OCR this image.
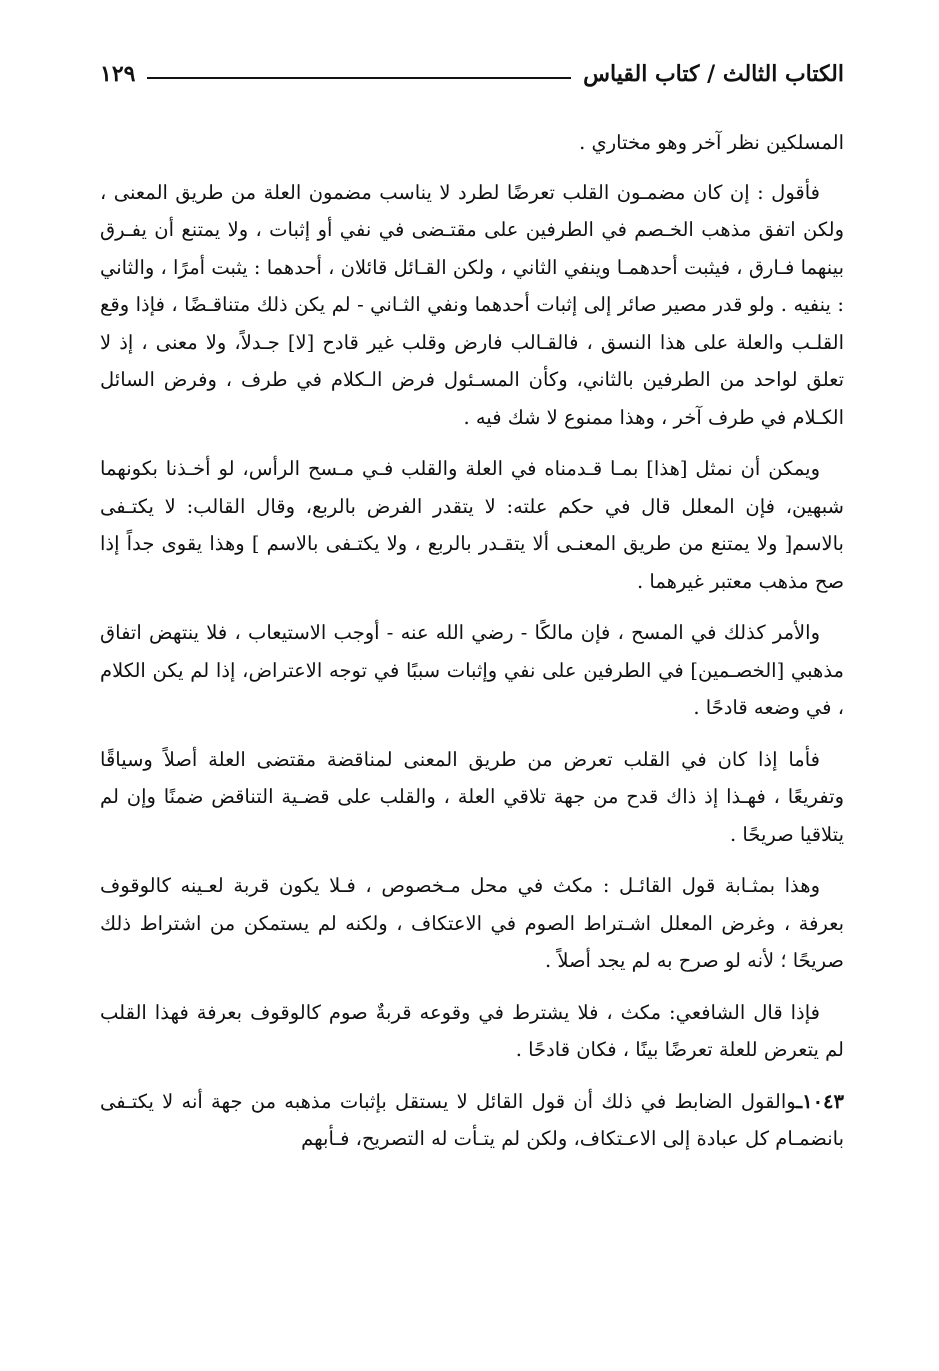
الكتاب الثالث / كتاب القياس
١٢٩

المسلكين نظر آخر وهو مختاري .

فأقول : إن كان مضمـون القلب تعرضًا لطرد لا يناسب مضمون العلة من طريق المعنى ، ولكن اتفق مذهب الخـصم في الطرفين على مقتـضى في نفي أو إثبات ، ولا يمتنع أن يفـرق بينهما فـارق ، فيثبت أحدهمـا وينفي الثاني ، ولكن القـائل قائلان ، أحدهما : يثبت أمرًا ، والثاني : ينفيه . ولو قدر مصير صائر إلى إثبات أحدهما ونفي الثـاني - لم يكن ذلك متناقـضًا ، فإذا وقع القلـب والعلة على هذا النسق ، فالقـالب فارض وقلب غير قادح [لا] جـدلاً، ولا معنى ، إذ لا تعلق لواحد من الطرفين بالثاني، وكأن المسـئول فرض الـكلام في طرف ، وفرض السائل الكـلام في طرف آخر ، وهذا ممنوع لا شك فيه .

ويمكن أن نمثل [هذا] بمـا قـدمناه في العلة والقلب فـي مـسح الرأس، لو أخـذنا بكونهما شبهين، فإن المعلل قال في حكم علته: لا يتقدر الفرض بالربع، وقال القالب: لا يكتـفى بالاسم[ ولا يمتنع من طريق المعنـى ألا يتقـدر بالربع ، ولا يكتـفى بالاسم ] وهذا يقوى جداً إذا صح مذهب معتبر غيرهما .

والأمر كذلك في المسح ، فإن مالكًا - رضي الله عنه - أوجب الاستيعاب ، فلا ينتهض اتفاق مذهبي [الخصـمين] في الطرفين على نفي وإثبات سببًا في توجه الاعتراض، إذا لم يكن الكلام ، في وضعه قادحًا .

فأما إذا كان في القلب تعرض من طريق المعنى لمناقضة مقتضى العلة أصلاً وسياقًا وتفريعًا ، فهـذا إذ ذاك قدح من جهة تلاقي العلة ، والقلب على قضـية التناقض ضمنًا وإن لم يتلاقيا صريحًا .

وهذا بمثـابة قول القائـل : مكث في محل مـخصوص ، فـلا يكون قربة لعـينه كالوقوف بعرفة ، وغرض المعلل اشـتراط الصوم في الاعتكاف ، ولكنه لم يستمكن من اشتراط ذلك صريحًا ؛ لأنه لو صرح به لم يجد أصلاً .

فإذا قال الشافعي: مكث ، فلا يشترط في وقوعه قربةٌ صوم كالوقوف بعرفة فهذا القلب لم يتعرض للعلة تعرضًا بينًا ، فكان قادحًا .

١٠٤٣ـوالقول الضابط في ذلك أن قول القائل لا يستقل بإثبات مذهبه من جهة أنه لا يكتـفى بانضمـام كل عبادة إلى الاعـتكاف، ولكن لم يتـأت له التصريح، فـأبهم
